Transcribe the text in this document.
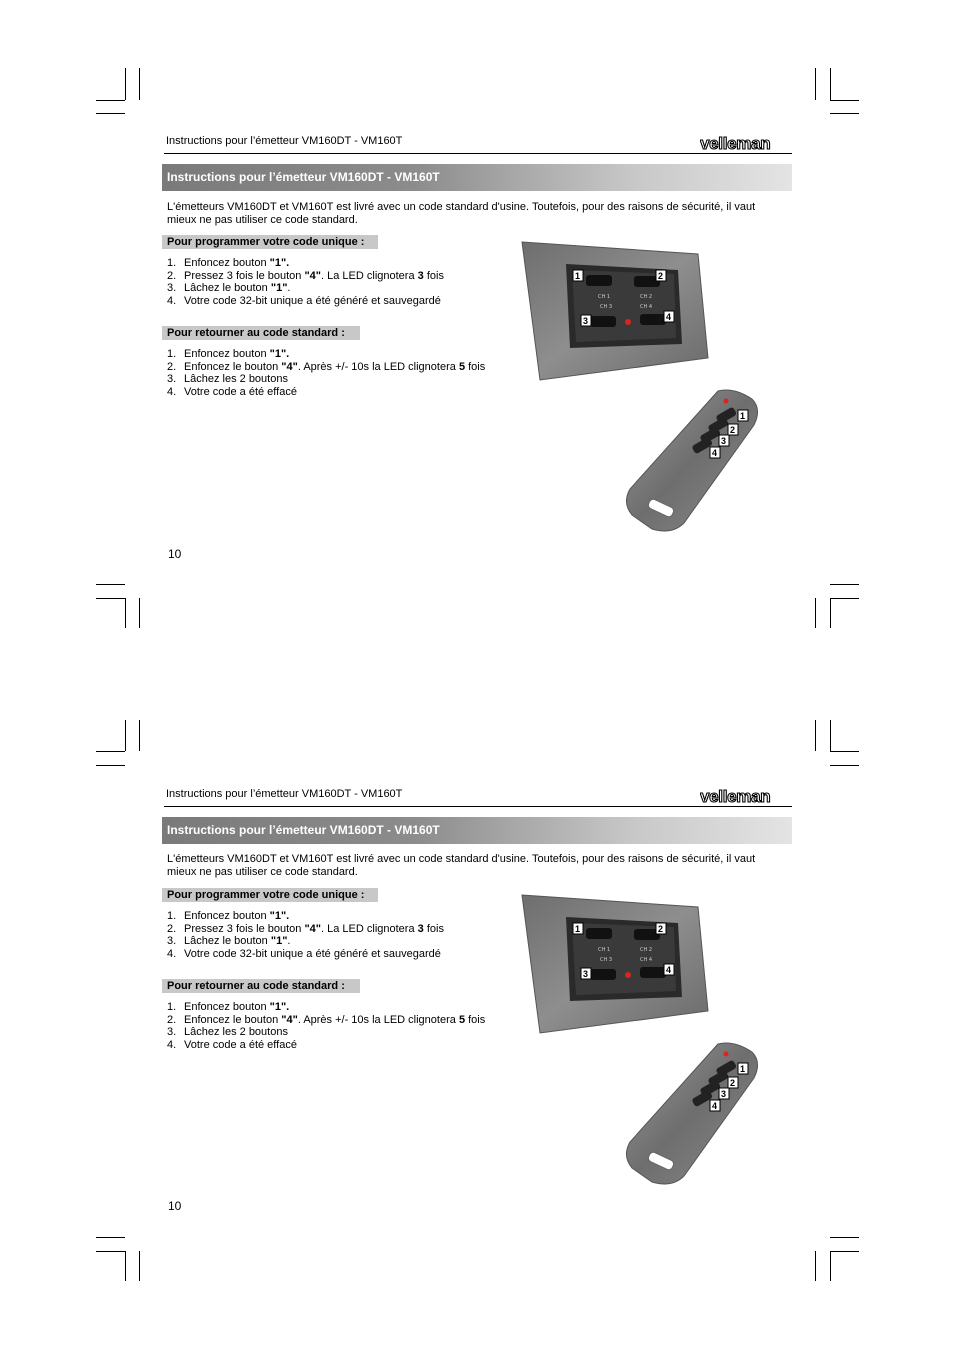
Instructions pour l’émetteur VM160DT - VM160T	velleman
Instructions pour l’émetteur VM160DT - VM160T
L'émetteurs VM160DT et VM160T est livré avec un code standard d'usine. Toutefois, pour des raisons de sécurité, il vaut mieux ne pas utiliser ce code standard.
Pour programmer votre code unique :
1. Enfoncez bouton "1".
2. Pressez 3 fois le bouton "4". La LED clignotera 3 fois
3. Lâchez le bouton "1".
4. Votre code 32-bit unique a été généré et sauvegardé
Pour retourner au code standard :
1. Enfoncez bouton "1".
2. Enfoncez le bouton "4". Après +/- 10s la LED clignotera 5 fois
3. Lâchez les 2 boutons
4. Votre code a été effacé
CH 1	CH 2
CH 3	CH 4
1	2
3	4
1
2
3
4
10
Instructions pour l’émetteur VM160DT - VM160T	velleman
Instructions pour l’émetteur VM160DT - VM160T
L'émetteurs VM160DT et VM160T est livré avec un code standard d'usine. Toutefois, pour des raisons de sécurité, il vaut mieux ne pas utiliser ce code standard.
Pour programmer votre code unique :
1. Enfoncez bouton "1".
2. Pressez 3 fois le bouton "4". La LED clignotera 3 fois
3. Lâchez le bouton "1".
4. Votre code 32-bit unique a été généré et sauvegardé
Pour retourner au code standard :
1. Enfoncez bouton "1".
2. Enfoncez le bouton "4". Après +/- 10s la LED clignotera 5 fois
3. Lâchez les 2 boutons
4. Votre code a été effacé
CH 1	CH 2
CH 3	CH 4
1	2
3	4
1
2
3
4
10
